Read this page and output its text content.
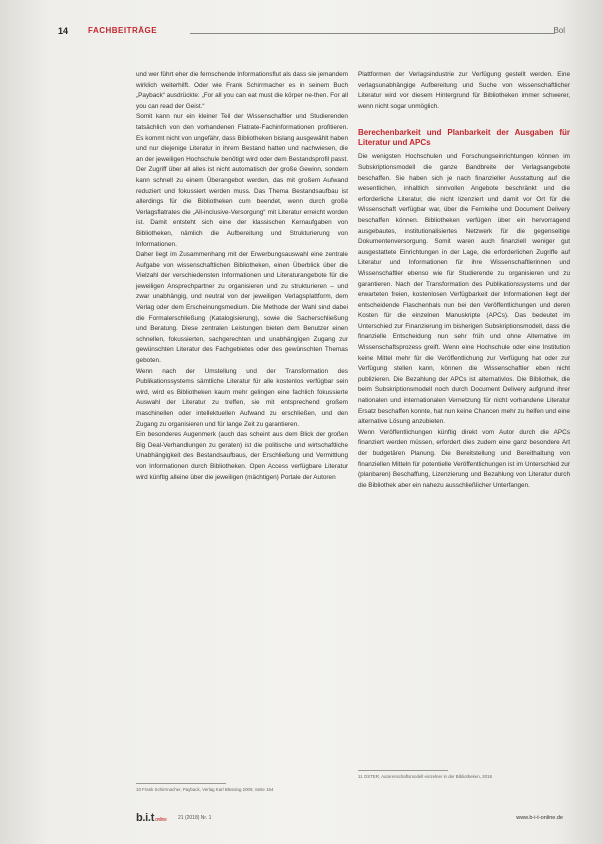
14 FACHBEITRÄGE	Bol

und wer führt eher die fernschende Informationsflut als dass sie jemandem wirklich weiterhilft. Oder wie Frank Schirrmacher es in seinem Buch „Payback“ ausdrückte: „For all you can eat must die körper ne-then. For all you can read der Geist.“

Somit kann nur ein kleiner Teil der Wissenschaftler und Studierenden tatsächlich von den vorhandenen Flatrate-Fachinformationen profitieren. Es kommt nicht von ungefähr, dass Bibliotheken bislang ausgewählt haben und nur diejenige Literatur in ihrem Bestand hatten und nachwiesen, die an der jeweiligen Hochschule benötigt wird oder dem Bestandsprofil passt. Der Zugriff über all alles ist nicht automatisch der große Gewinn, sondern kann schnell zu einem Überangebot werden, das mit großem Aufwand reduziert und fokussiert werden muss. Das Thema Bestandsaufbau ist allerdings für die Bibliotheken cum beendet, wenn durch große Verlagsflatrates die „All-inclusive-Versorgung“ mit Literatur erreicht worden ist. Damit entsteht sich eine der klassischen Kernaufgaben von Bibliotheken, nämlich die Aufbereitung und Strukturierung von Informationen.

Daher liegt im Zusammenhang mit der Erwerbungsauswahl eine zentrale Aufgabe von wissenschaftlichen Bibliotheken, einen Überblick über die Vielzahl der verschiedensten Informationen und Literaturangebote für die jeweiligen Ansprechpartner zu organisieren und zu strukturieren – und zwar unabhängig, und neutral von der jeweiligen Verlagsplattform, dem Verlag oder dem Erscheinungsmedium. Die Methode der Wahl sind dabei die Formalerschließung (Katalogisierung), sowie die Sacherschließung und Beratung. Diese zentralen Leistungen bieten dem Benutzer einen schnellen, fokussierten, sachgerechten und unabhängigen Zugang zur gewünschten Literatur des Fachgebietes oder des gewünschten Themas geboten.

Wenn nach der Umstellung und der Transformation des Publikationssystems sämtliche Literatur für alle kostenlos verfügbar sein wird, wird es Bibliotheken kaum mehr gelingen eine fachlich fokussierte Auswahl der Literatur zu treffen, sie mit entsprechend großem maschinellen oder intellektuellen Aufwand zu erschließen, und den Zugang zu organisieren und für lange Zeit zu garantieren.

Ein besonderes Augenmerk (auch das scheint aus dem Blick der großen Big Deal-Verhandlungen zu geraten) ist die politische und wirtschaftliche Unabhängigkeit des Bestandsaufbaus, der Erschließung und Vermittlung von Informationen durch Bibliotheken. Open Access verfügbare Literatur wird künftig alleine über die jeweiligen (mächtigen) Portale der Autoren

10 Frank Schirrmacher, Payback, Verlag Karl Blessing 2009, Seite 164

Plattformen der Verlagsindustrie zur Verfügung gestellt werden. Eine verlagsunabhängige Aufbereitung und Suche von wissenschaftlicher Literatur wird vor diesem Hintergrund für Bibliotheken immer schwerer, wenn nicht sogar unmöglich.

Berechenbarkeit und Planbarkeit der Ausgaben für Literatur und APCs

Die wenigsten Hochschulen und Forschungseinrichtungen können im Subskriptionsmodell die ganze Bandbreite der Verlagsangebote beschaffen. Sie haben sich je nach finanzieller Ausstattung auf die wesentlichen, inhaltlich sinnvollen Angebote beschränkt und die erforderliche Literatur, die nicht lizenziert und damit vor Ort für die Wissenschaft verfügbar war, über die Fernleihe und Document Delivery beschaffen können. Bibliotheken verfügen über ein hervorragend ausgebautes, institutionalisiertes Netzwerk für die gegenseitige Dokumentenversorgung. Somit waren auch finanziell weniger gut ausgestattete Einrichtungen in der Lage, die erforderlichen Zugriffe auf Literatur und Informationen für ihre Wissenschaftlerinnen und Wissenschaftler ebenso wie für Studierende zu organisieren und zu garantieren. Nach der Transformation des Publikationssystems und der erwarteten freien, kostenlosen Verfügbarkeit der Informationen liegt der entscheidende Flaschenhals nun bei den Veröffentlichungen und deren Kosten für die einzelnen Manuskripte (APCs). Das bedeutet im Unterschied zur Finanzierung im bisherigen Subskriptionsmodell, dass die finanzielle Entscheidung nun sehr früh und ohne Alternative im Wissenschaftsprozess greift. Wenn eine Hochschule oder eine Institution keine Mittel mehr für die Veröffentlichung zur Verfügung hat oder zur Verfügung stellen kann, können die Wissenschaftler eben nicht publizieren. Die Bezahlung der APCs ist alternativlos. Die Bibliothek, die beim Subskriptionsmodell noch durch Document Delivery aufgrund ihrer nationalen und internationalen Vernetzung für nicht vorhandene Literatur Ersatz beschaffen konnte, hat nun keine Chancen mehr zu helfen und eine alternative Lösung anzubieten.

Wenn Veröffentlichungen künftig direkt vom Autor durch die APCs finanziert werden müssen, erfordert dies zudem eine ganz besondere Art der budgetären Planung. Die Bereitstellung und Bereithaltung von finanziellen Mitteln für potentielle Veröffentlichungen ist im Unterschied zur (planbaren) Beschaffung, Lizenzierung und Bezahlung von Literatur durch die Bibliothek aber ein nahezu ausschließlicher Unterfangen.

11 OSTER, Autorenschaftsmodell einzelner in der Bibliotheken, 2018
b.i.tonline 21 (2018) Nr. 1	www.b-i-t-online.de
